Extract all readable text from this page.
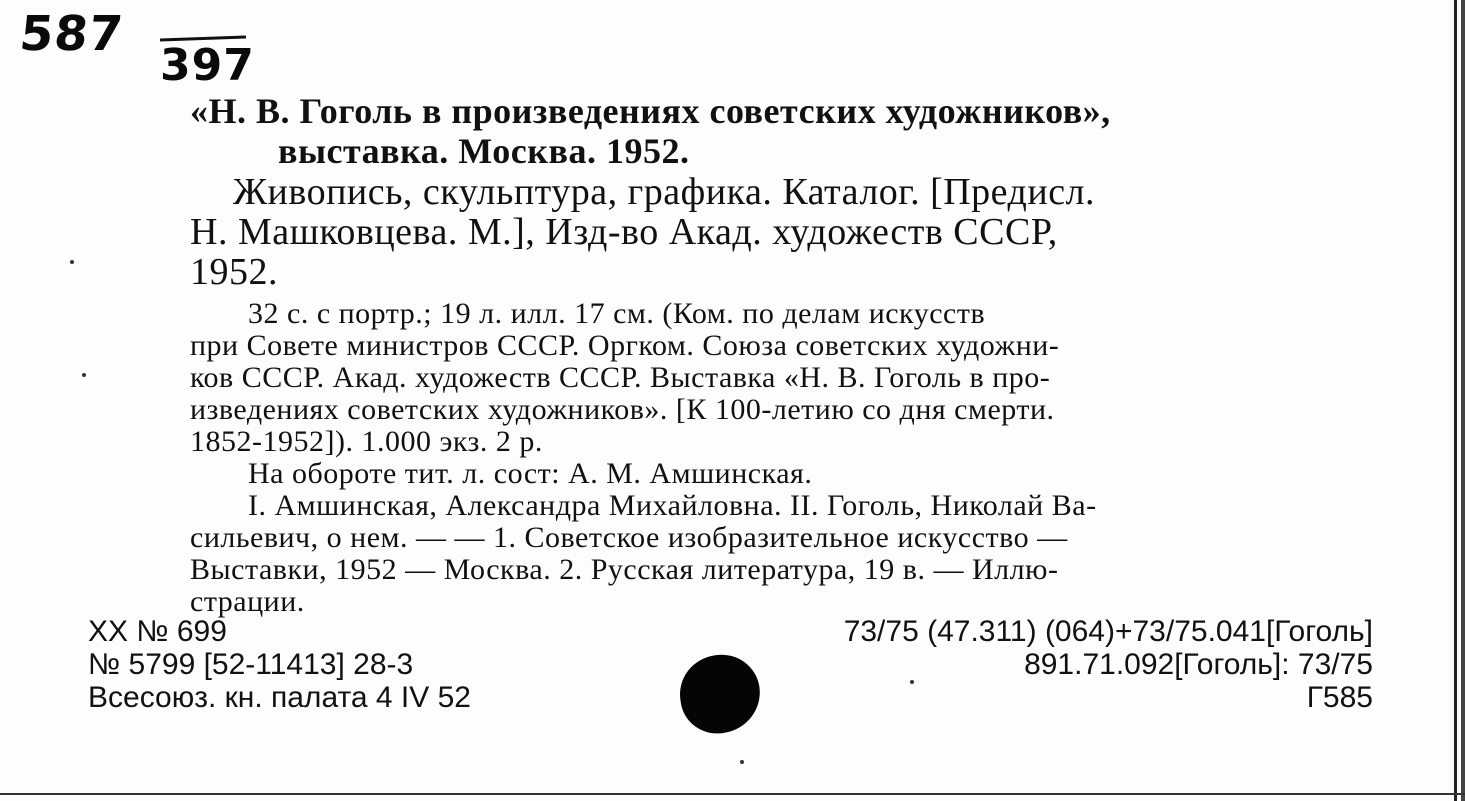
587
397
«Н. В. Гоголь в произведениях советских художников»,
выставка. Москва. 1952.
Живопись, скульптура, графика. Каталог. [Предисл.
Н. Машковцева. М.], Изд-во Акад. художеств СССР,
1952.
32 с. с портр.; 19 л. илл. 17 см. (Ком. по делам искусств
при Совете министров СССР. Оргком. Союза советских художни-
ков СССР. Акад. художеств СССР. Выставка «Н. В. Гоголь в про-
изведениях советских художников». [К 100-летию со дня смерти.
1852-1952]). 1.000 экз. 2 р.
На обороте тит. л. сост: А. М. Амшинская.
I. Амшинская, Александра Михайловна. II. Гоголь, Николай Ва-
сильевич, о нем. — — 1. Советское изобразительное искусство —
Выставки, 1952 — Москва. 2. Русская литература, 19 в. — Иллю-
страции.
XX № 699
№ 5799 [52-11413] 28-3
Всесоюз. кн. палата 4 IV 52
73/75 (47.311) (064)+73/75.041[Гоголь]
891.71.092[Гоголь]: 73/75
Г585
